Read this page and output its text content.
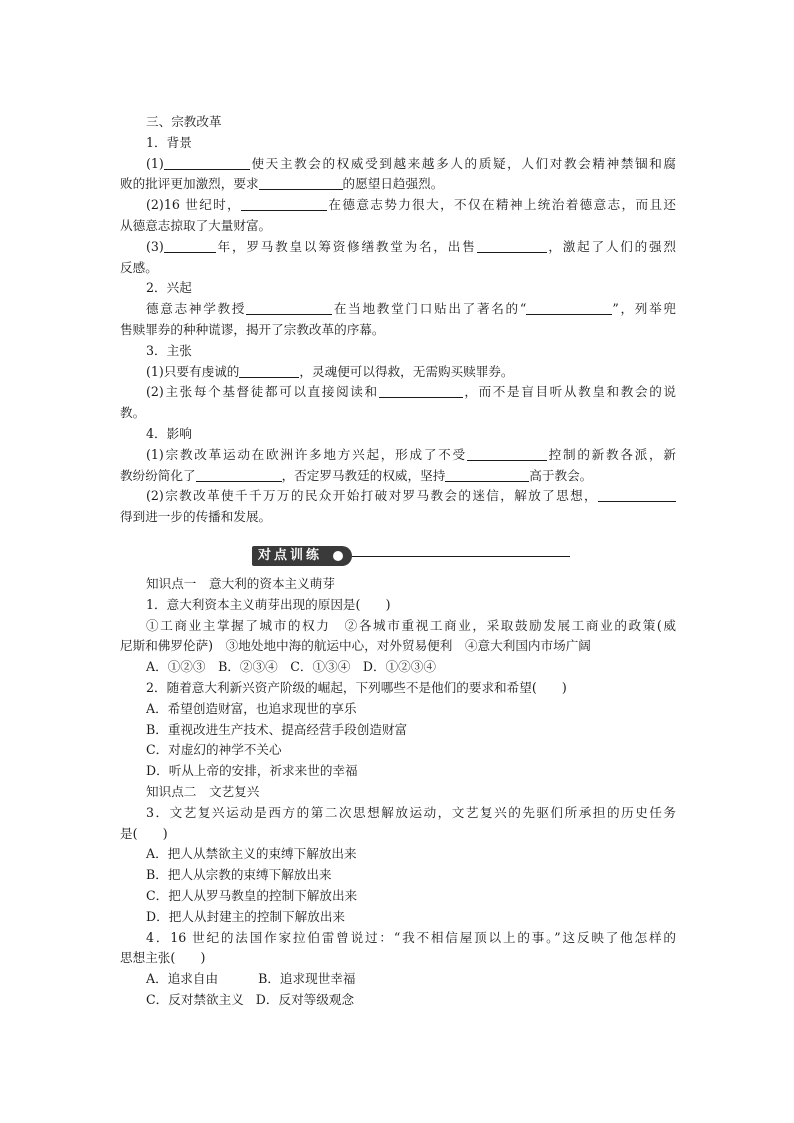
三、宗教改革
1．背景
(1)	使天主教会的权威受到越来越多人的质疑，人们对教会精神禁锢和腐
败的批评更加激烈，要求	的愿望日趋强烈。
(2)16 世纪时，	在德意志势力很大，不仅在精神上统治着德意志，而且还
从德意志掠取了大量财富。
(3)	年，罗马教皇以筹资修缮教堂为名，出售	，激起了人们的强烈
反感。
2．兴起
德意志神学教授	在当地教堂门口贴出了著名的“	”，列举兜
售赎罪券的种种谎谬，揭开了宗教改革的序幕。
3．主张
(1)只要有虔诚的	，灵魂便可以得救，无需购买赎罪券。
(2)主张每个基督徒都可以直接阅读和	，而不是盲目听从教皇和教会的说
教。
4．影响
(1)宗教改革运动在欧洲许多地方兴起，形成了不受	控制的新教各派，新
教纷纷简化了	，否定罗马教廷的权威，坚持	高于教会。
(2)宗教改革使千千万万的民众开始打破对罗马教会的迷信，解放了思想，
得到进一步的传播和发展。
对点训练
知识点一　意大利的资本主义萌芽
1．意大利资本主义萌芽出现的原因是(　　)
①工商业主掌握了城市的权力　②各城市重视工商业，采取鼓励发展工商业的政策(威
尼斯和佛罗伦萨)　③地处地中海的航运中心，对外贸易便利　④意大利国内市场广阔
A．①②③　B．②③④　C．①③④　D．①②③④
2．随着意大利新兴资产阶级的崛起，下列哪些不是他们的要求和希望(　　)
A．希望创造财富，也追求现世的享乐
B．重视改进生产技术、提高经营手段创造财富
C．对虚幻的神学不关心
D．听从上帝的安排，祈求来世的幸福
知识点二　文艺复兴
3．文艺复兴运动是西方的第二次思想解放运动，文艺复兴的先驱们所承担的历史任务
是(　　)
A．把人从禁欲主义的束缚下解放出来
B．把人从宗教的束缚下解放出来
C．把人从罗马教皇的控制下解放出来
D．把人从封建主的控制下解放出来
4．16 世纪的法国作家拉伯雷曾说过：“我不相信屋顶以上的事。”这反映了他怎样的
思想主张(　　)
A．追求自由	B．追求现世幸福
C．反对禁欲主义 D．反对等级观念
